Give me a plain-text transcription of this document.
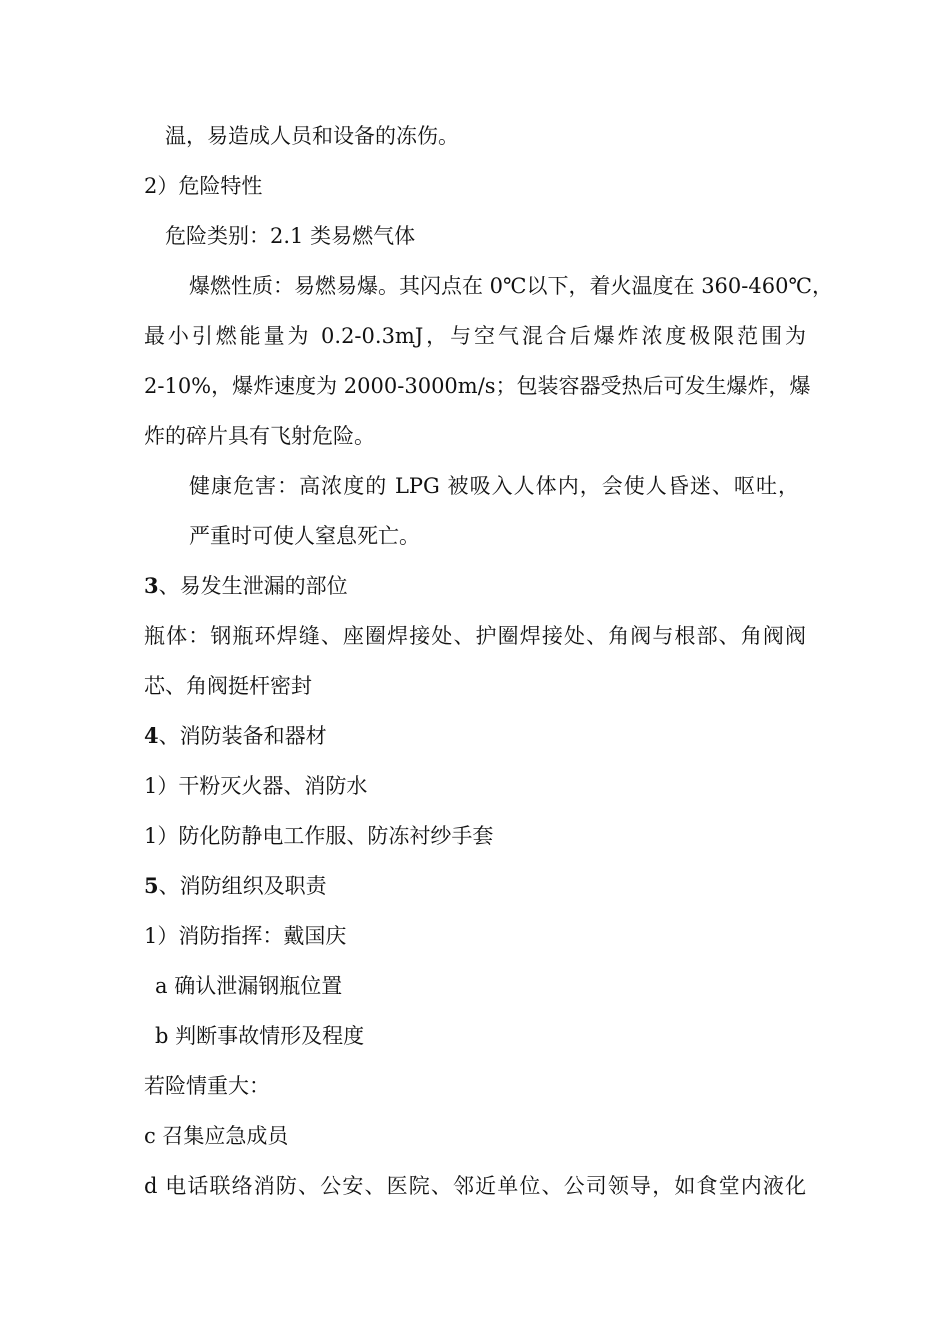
温，易造成人员和设备的冻伤。
2）危险特性
危险类别：2.1 类易燃气体
爆燃性质：易燃易爆。其闪点在 0℃以下，着火温度在 360-460℃，
最小引燃能量为 0.2-0.3mJ，与空气混合后爆炸浓度极限范围为
2-10%，爆炸速度为 2000-3000m/s；包装容器受热后可发生爆炸，爆
炸的碎片具有飞射危险。
健康危害：高浓度的 LPG 被吸入人体内，会使人昏迷、呕吐，
严重时可使人窒息死亡。
3、易发生泄漏的部位
瓶体：钢瓶环焊缝、座圈焊接处、护圈焊接处、角阀与根部、角阀阀
芯、角阀挺杆密封
4、消防装备和器材
1）干粉灭火器、消防水
1）防化防静电工作服、防冻衬纱手套
5、消防组织及职责
1）消防指挥：戴国庆
a 确认泄漏钢瓶位置
b 判断事故情形及程度
若险情重大：
c 召集应急成员
d 电话联络消防、公安、医院、邻近单位、公司领导，如食堂内液化
